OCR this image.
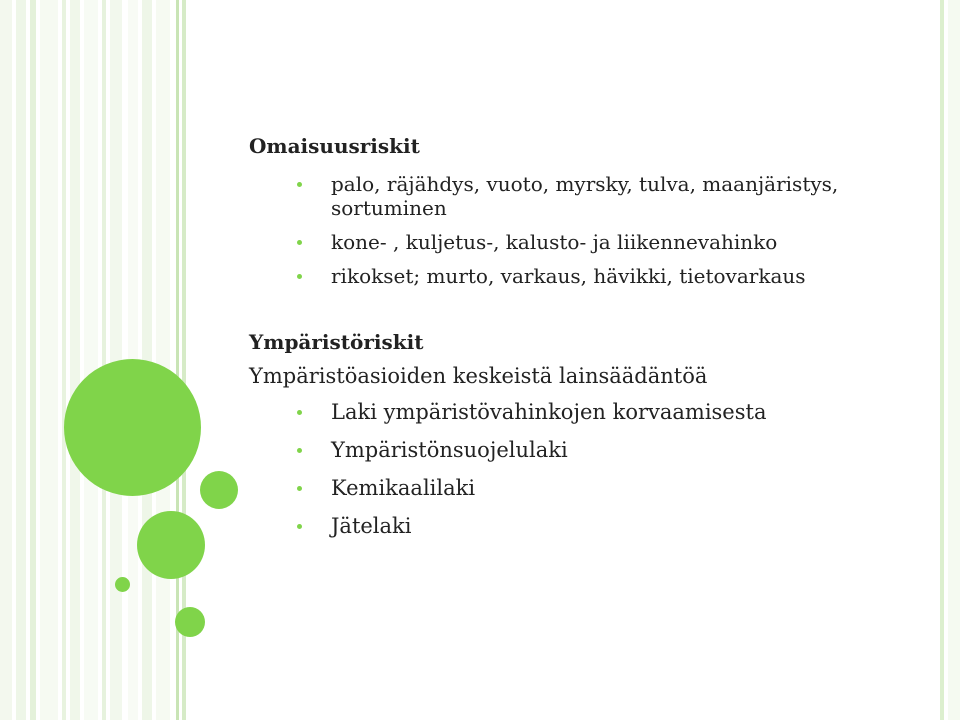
Omaisuusriskit

palo, räjähdys, vuoto, myrsky, tulva, maanjäristys, sortuminen
kone- , kuljetus-, kalusto- ja liikennevahinko
rikokset; murto, varkaus, hävikki, tietovarkaus

Ympäristöriskit

Ympäristöasioiden keskeistä lainsäädäntöä

Laki ympäristövahinkojen korvaamisesta
Ympäristönsuojelulaki
Kemikaalilaki
Jätelaki
